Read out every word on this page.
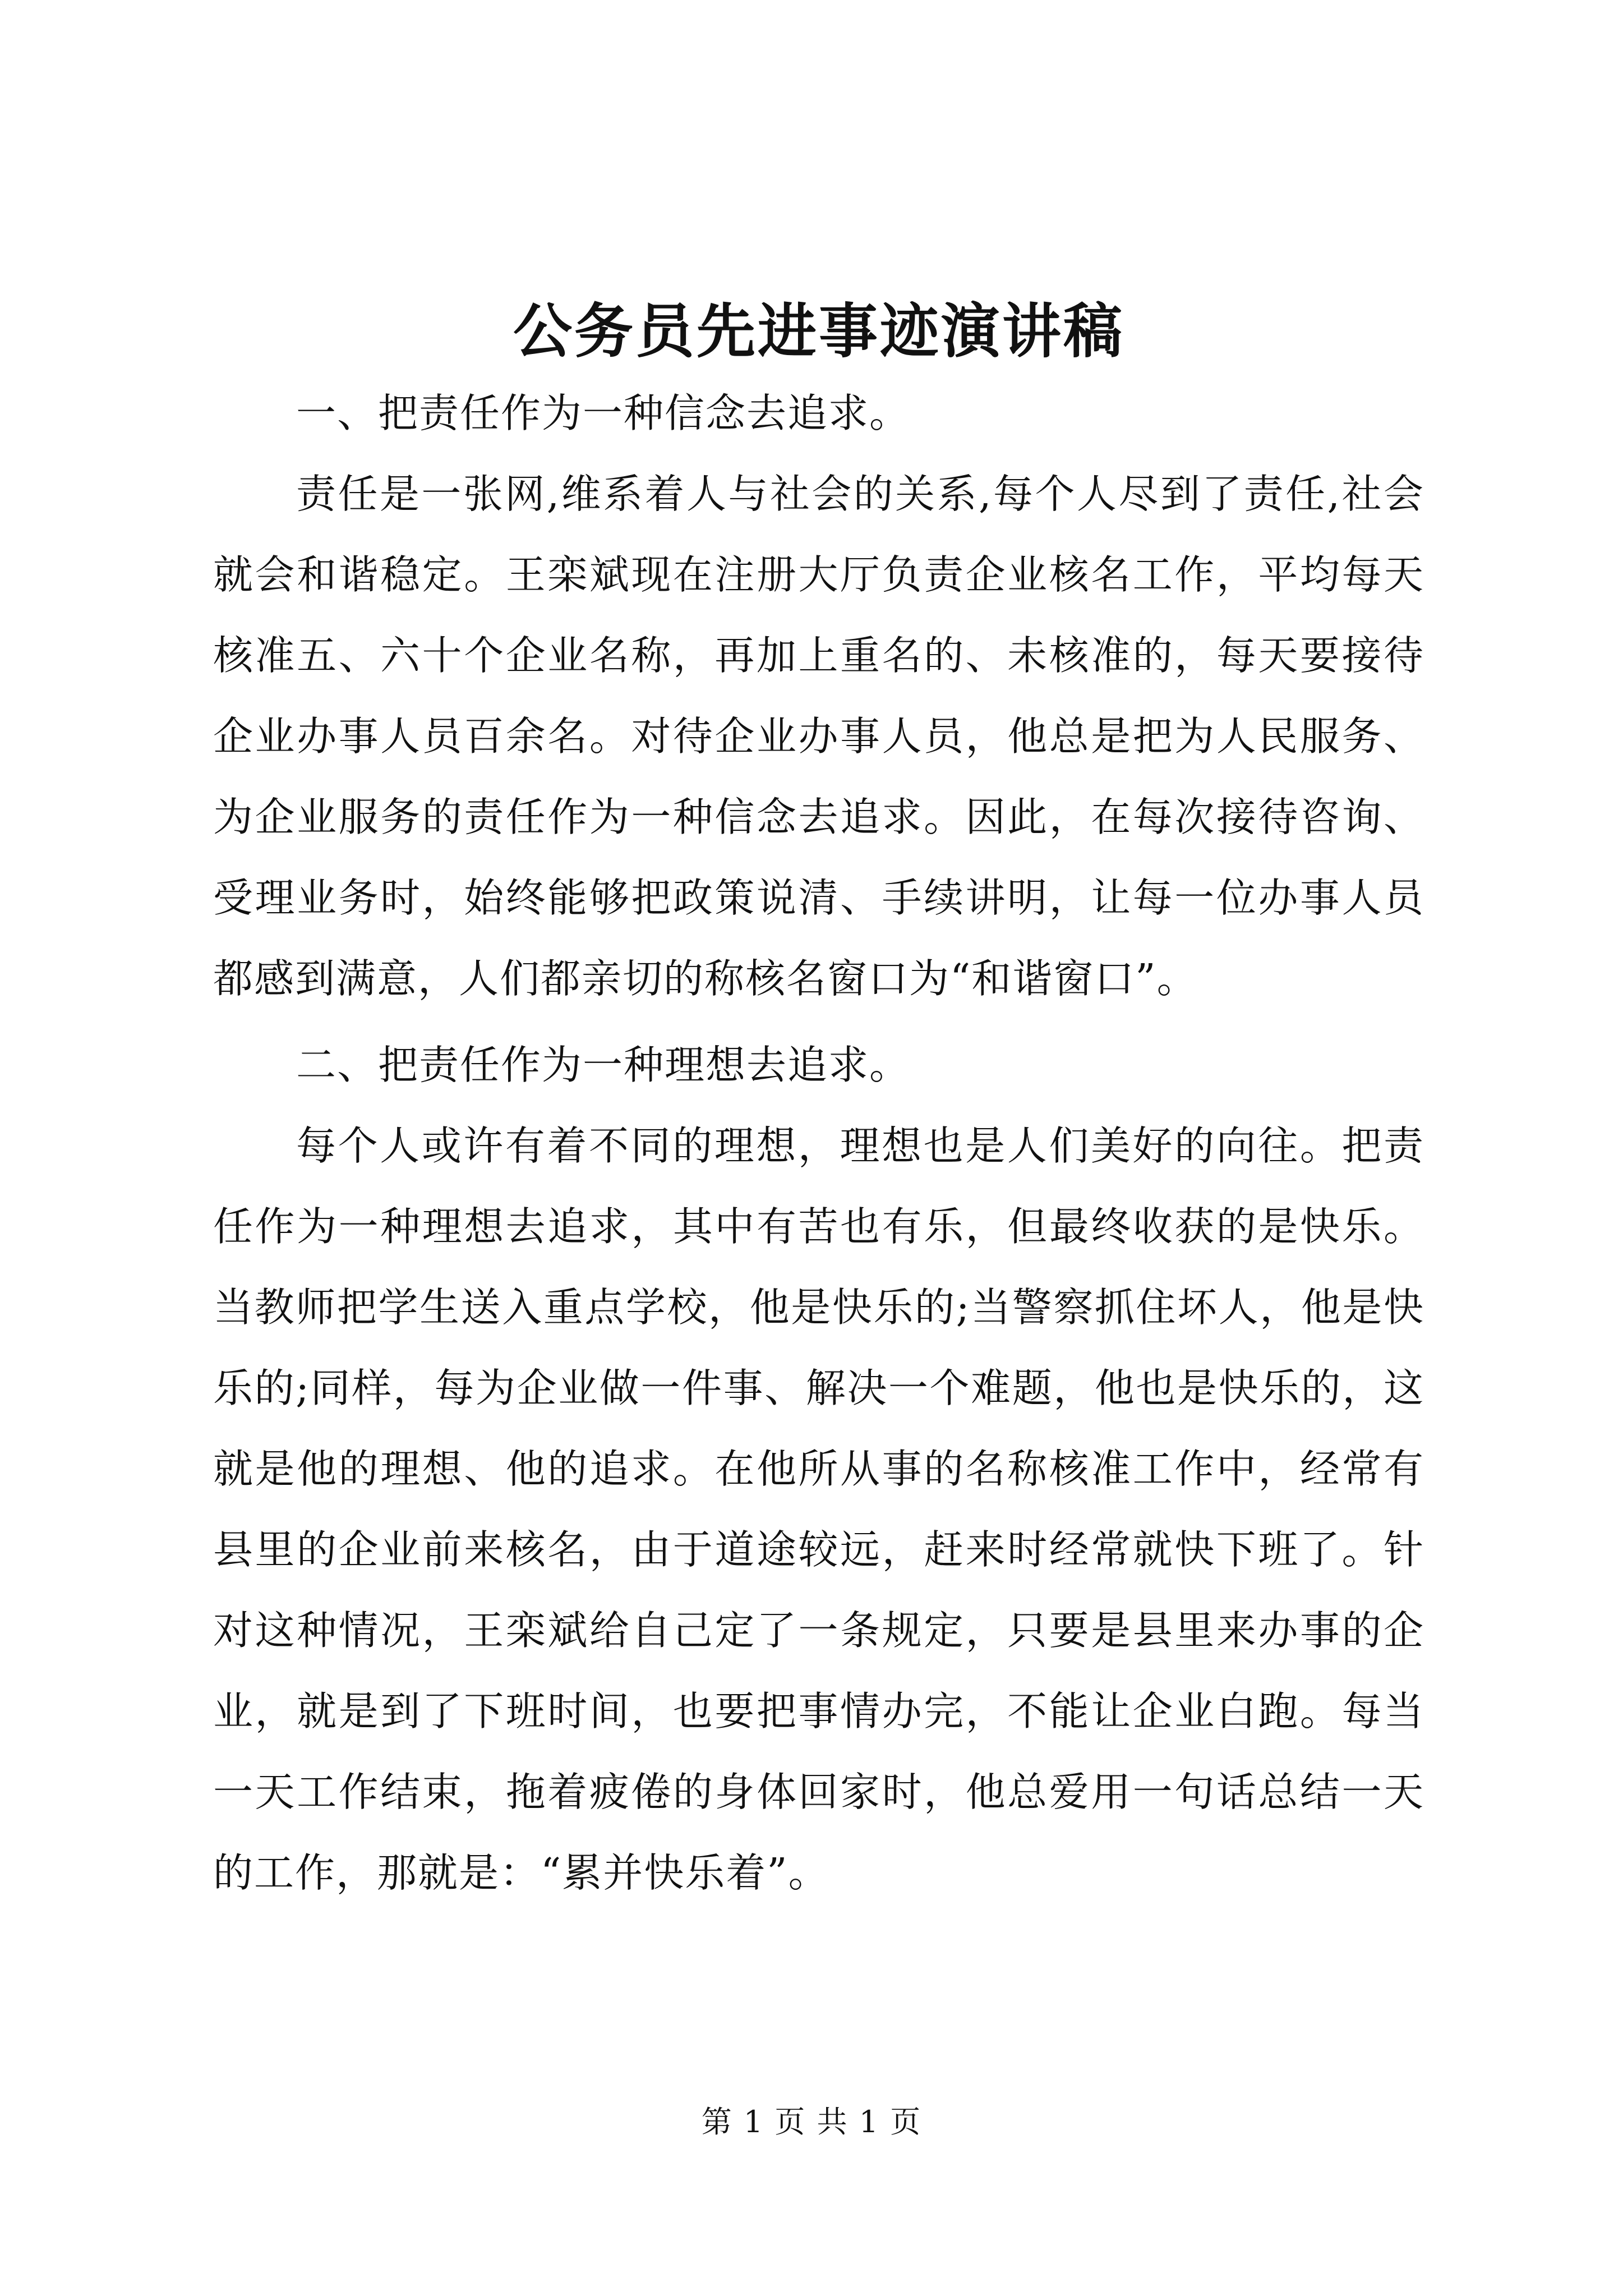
公务员先进事迹演讲稿

一、把责任作为一种信念去追求。

责任是一张网,维系着人与社会的关系,每个人尽到了责任,社会就会和谐稳定。王栾斌现在注册大厅负责企业核名工作，平均每天核准五、六十个企业名称，再加上重名的、未核准的，每天要接待企业办事人员百余名。对待企业办事人员，他总是把为人民服务、为企业服务的责任作为一种信念去追求。因此，在每次接待咨询、受理业务时，始终能够把政策说清、手续讲明，让每一位办事人员都感到满意，人们都亲切的称核名窗口为“和谐窗口”。

二、把责任作为一种理想去追求。

每个人或许有着不同的理想，理想也是人们美好的向往。把责任作为一种理想去追求，其中有苦也有乐，但最终收获的是快乐。当教师把学生送入重点学校，他是快乐的;当警察抓住坏人，他是快乐的;同样，每为企业做一件事、解决一个难题，他也是快乐的，这就是他的理想、他的追求。在他所从事的名称核准工作中，经常有县里的企业前来核名，由于道途较远，赶来时经常就快下班了。针对这种情况，王栾斌给自己定了一条规定，只要是县里来办事的企业，就是到了下班时间，也要把事情办完，不能让企业白跑。每当一天工作结束，拖着疲倦的身体回家时，他总爱用一句话总结一天的工作，那就是：“累并快乐着”。

第 1 页 共 1 页
